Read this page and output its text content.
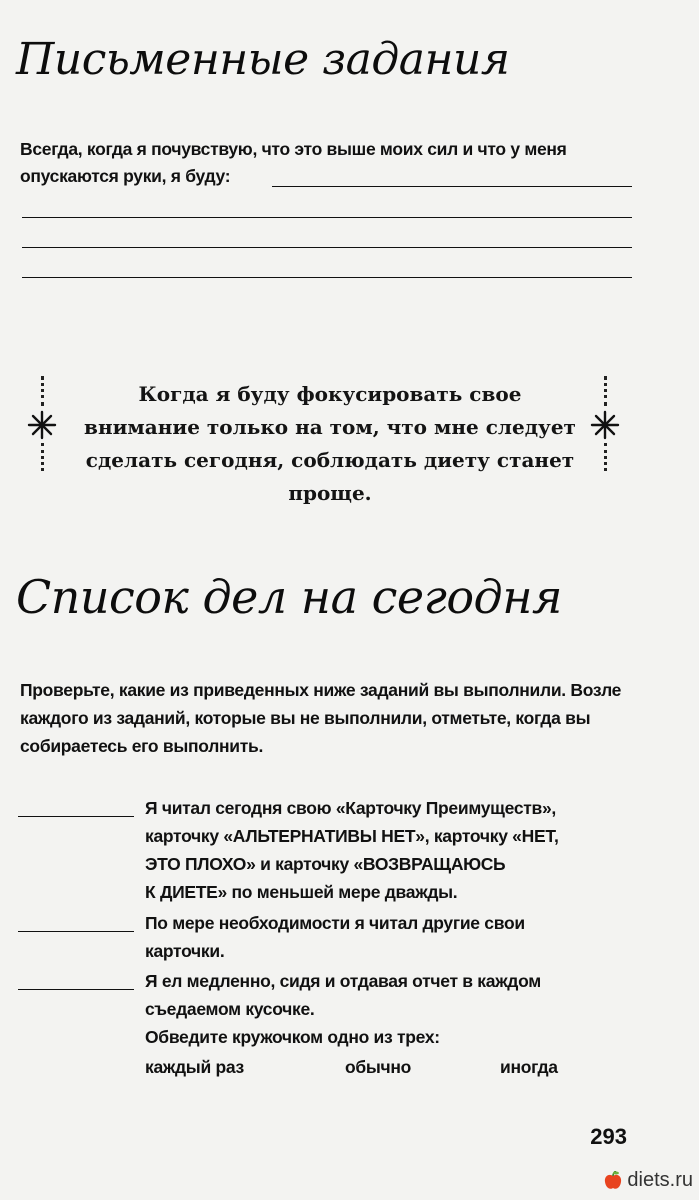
Письменные задания
Всегда, когда я почувствую, что это выше моих сил и что у меня опускаются руки, я буду:
Когда я буду фокусировать свое внимание только на том, что мне следует сделать сегодня, соблюдать диету станет проще.
Список дел на сегодня
Проверьте, какие из приведенных ниже заданий вы выполнили. Возле каждого из заданий, которые вы не выполнили, отметьте, когда вы собираетесь его выполнить.
Я читал сегодня свою «Карточку Преимуществ»,
карточку «АЛЬТЕРНАТИВЫ НЕТ», карточку «НЕТ,
ЭТО ПЛОХО» и карточку «ВОЗВРАЩАЮСЬ
К ДИЕТЕ» по меньшей мере дважды.
По мере необходимости я читал другие свои
карточки.
Я ел медленно, сидя и отдавая отчет в каждом
съедаемом кусочке.
Обведите кружочком одно из трех:
каждый раз	обычно	иногда
293
diets.ru
